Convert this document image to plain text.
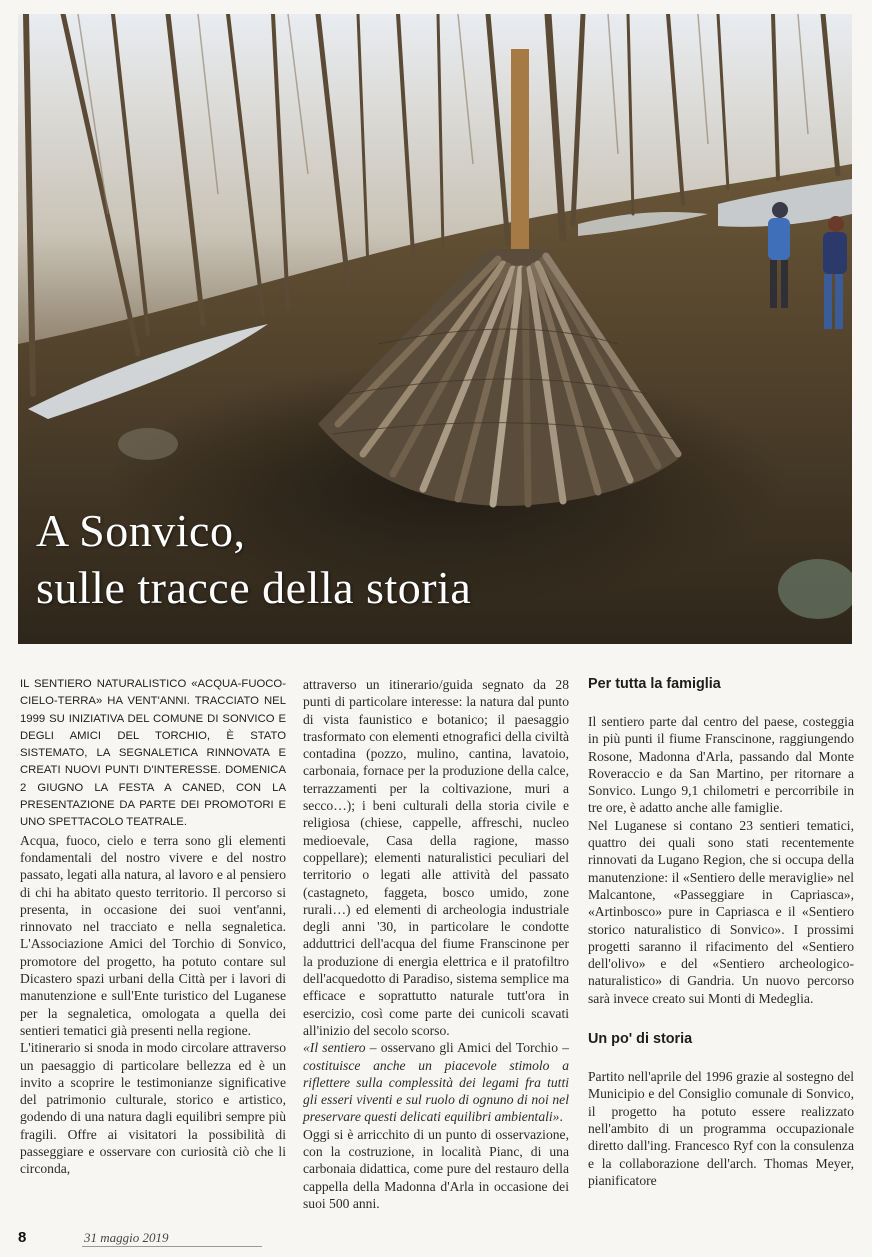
A Sonvico,
sulle tracce della storia

IL SENTIERO NATURALISTICO «ACQUA-FUOCO-CIELO-TERRA» HA VENT'ANNI. TRACCIATO NEL 1999 SU INIZIATIVA DEL COMUNE DI SONVICO E DEGLI AMICI DEL TORCHIO, È STATO SISTEMATO, LA SEGNALETICA RINNOVATA E CREATI NUOVI PUNTI D'INTERESSE. DOMENICA 2 GIUGNO LA FESTA A CANED, CON LA PRESENTAZIONE DA PARTE DEI PROMOTORI E UNO SPETTACOLO TEATRALE.

Acqua, fuoco, cielo e terra sono gli elementi fondamentali del nostro vivere e del nostro passato, legati alla natura, al lavoro e al pensiero di chi ha abitato questo territorio. Il percorso si presenta, in occasione dei suoi vent'anni, rinnovato nel tracciato e nella segnaletica. L'Associazione Amici del Torchio di Sonvico, promotore del progetto, ha potuto contare sul Dicastero spazi urbani della Città per i lavori di manutenzione e sull'Ente turistico del Luganese per la segnaletica, omologata a quella dei sentieri tematici già presenti nella regione.

L'itinerario si snoda in modo circolare attraverso un paesaggio di particolare bellezza ed è un invito a scoprire le testimonianze significative del patrimonio culturale, storico e artistico, godendo di una natura dagli equilibri sempre più fragili. Offre ai visitatori la possibilità di passeggiare e osservare con curiosità ciò che li circonda,

attraverso un itinerario/guida segnato da 28 punti di particolare interesse: la natura dal punto di vista faunistico e botanico; il paesaggio trasformato con elementi etnografici della civiltà contadina (pozzo, mulino, cantina, lavatoio, carbonaia, fornace per la produzione della calce, terrazzamenti per la coltivazione, muri a secco…); i beni culturali della storia civile e religiosa (chiese, cappelle, affreschi, nucleo medioevale, Casa della ragione, masso coppellare); elementi naturalistici peculiari del territorio o legati alle attività del passato (castagneto, faggeta, bosco umido, zone rurali…) ed elementi di archeologia industriale degli anni '30, in particolare le condotte adduttrici dell'acqua del fiume Franscinone per la produzione di energia elettrica e il pratofiltro dell'acquedotto di Paradiso, sistema semplice ma efficace e soprattutto naturale tutt'ora in esercizio, così come parte dei cunicoli scavati all'inizio del secolo scorso.

«Il sentiero – osservano gli Amici del Torchio – costituisce anche un piacevole stimolo a riflettere sulla complessità dei legami fra tutti gli esseri viventi e sul ruolo di ognuno di noi nel preservare questi delicati equilibri ambientali».

Oggi si è arricchito di un punto di osservazione, con la costruzione, in località Pianc, di una carbonaia didattica, come pure del restauro della cappella della Madonna d'Arla in occasione dei suoi 500 anni.

Per tutta la famiglia

Il sentiero parte dal centro del paese, costeggia in più punti il fiume Franscinone, raggiungendo Rosone, Madonna d'Arla, passando dal Monte Roveraccio e da San Martino, per ritornare a Sonvico. Lungo 9,1 chilometri e percorribile in tre ore, è adatto anche alle famiglie.

Nel Luganese si contano 23 sentieri tematici, quattro dei quali sono stati recentemente rinnovati da Lugano Region, che si occupa della manutenzione: il «Sentiero delle meraviglie» nel Malcantone, «Passeggiare in Capriasca», «Artinbosco» pure in Capriasca e il «Sentiero storico naturalistico di Sonvico». I prossimi progetti saranno il rifacimento del «Sentiero dell'olivo» e del «Sentiero archeologico-naturalistico» di Gandria. Un nuovo percorso sarà invece creato sui Monti di Medeglia.

Un po' di storia

Partito nell'aprile del 1996 grazie al sostegno del Municipio e del Consiglio comunale di Sonvico, il progetto ha potuto essere realizzato nell'ambito di un programma occupazionale diretto dall'ing. Francesco Ryf con la consulenza e la collaborazione dell'arch. Thomas Meyer, pianificatore

8	31 maggio 2019
